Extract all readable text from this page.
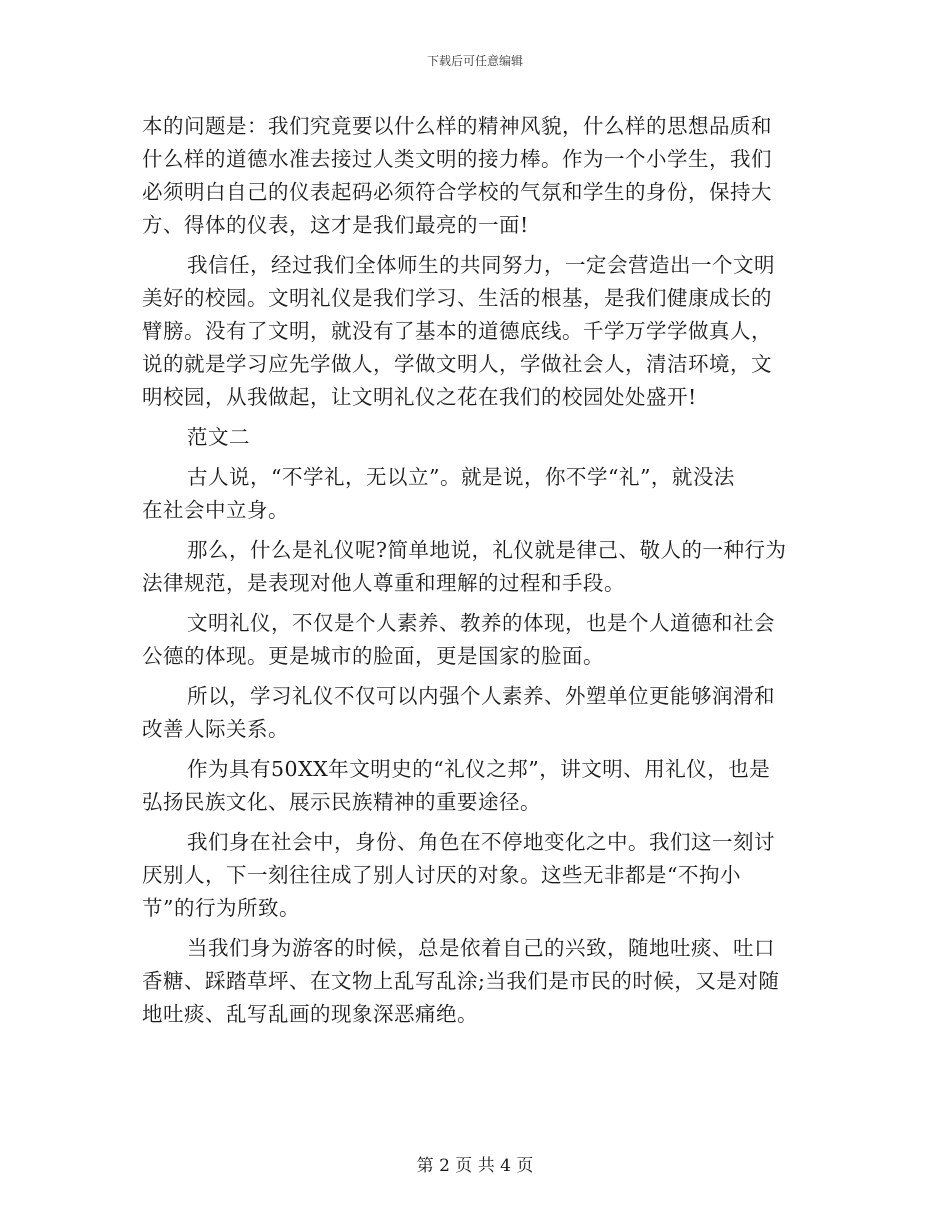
下载后可任意编辑
本的问题是：我们究竟要以什么样的精神风貌，什么样的思想品质和
什么样的道德水准去接过人类文明的接力棒。作为一个小学生，我们
必须明白自己的仪表起码必须符合学校的气氛和学生的身份，保持大
方、得体的仪表，这才是我们最亮的一面!
我信任，经过我们全体师生的共同努力，一定会营造出一个文明
美好的校园。文明礼仪是我们学习、生活的根基，是我们健康成长的
臂膀。没有了文明，就没有了基本的道德底线。千学万学学做真人，
说的就是学习应先学做人，学做文明人，学做社会人，清洁环境，文
明校园，从我做起，让文明礼仪之花在我们的校园处处盛开!
范文二
古人说，“不学礼，无以立”。就是说，你不学“礼”，就没法
在社会中立身。
那么，什么是礼仪呢?简单地说，礼仪就是律己、敬人的一种行为
法律规范，是表现对他人尊重和理解的过程和手段。
文明礼仪，不仅是个人素养、教养的体现，也是个人道德和社会
公德的体现。更是城市的脸面，更是国家的脸面。
所以，学习礼仪不仅可以内强个人素养、外塑单位更能够润滑和
改善人际关系。
作为具有50XX年文明史的“礼仪之邦”，讲文明、用礼仪，也是
弘扬民族文化、展示民族精神的重要途径。
我们身在社会中，身份、角色在不停地变化之中。我们这一刻讨
厌别人，下一刻往往成了别人讨厌的对象。这些无非都是“不拘小
节”的行为所致。
当我们身为游客的时候，总是依着自己的兴致，随地吐痰、吐口
香糖、踩踏草坪、在文物上乱写乱涂;当我们是市民的时候，又是对随
地吐痰、乱写乱画的现象深恶痛绝。
第 2 页 共 4 页
